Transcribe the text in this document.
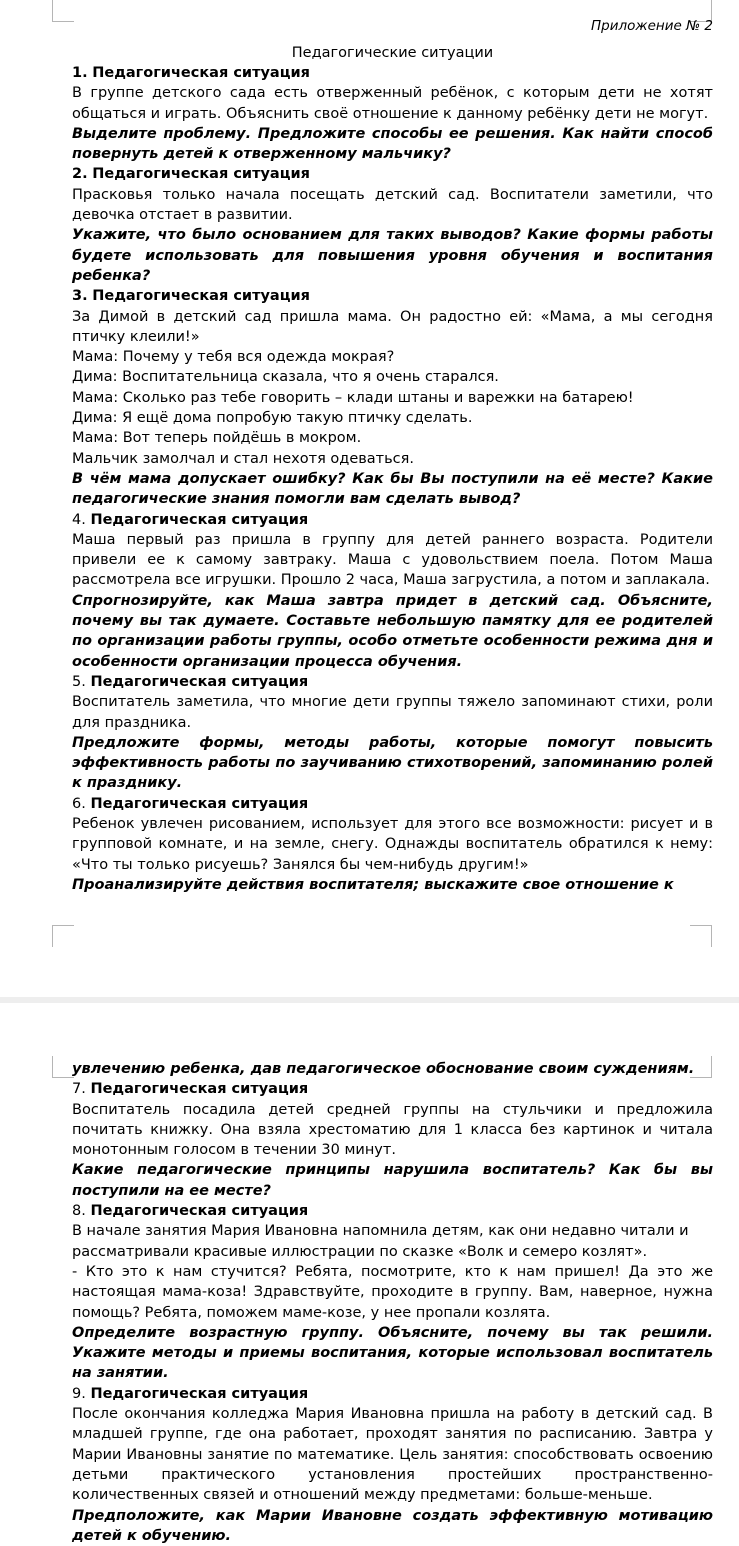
Приложение № 2

Педагогические ситуации

1. Педагогическая ситуация

В группе детского сада есть отверженный ребёнок, с которым дети не хотят общаться и играть. Объяснить своё отношение к данному ребёнку дети не могут.

Выделите проблему. Предложите способы ее решения. Как найти способ повернуть детей к отверженному мальчику?

2. Педагогическая ситуация

Прасковья только начала посещать детский сад. Воспитатели заметили, что девочка отстает в развитии.

Укажите, что было основанием для таких выводов? Какие формы работы будете использовать для повышения уровня обучения и воспитания ребенка?

3. Педагогическая ситуация

За Димой в детский сад пришла мама. Он радостно ей: «Мама, а мы сегодня птичку клеили!»

Мама: Почему у тебя вся одежда мокрая?

Дима: Воспитательница сказала, что я очень старался.

Мама: Сколько раз тебе говорить – клади штаны и варежки на батарею!

Дима: Я ещё дома попробую такую птичку сделать.

Мама: Вот теперь пойдёшь в мокром.

Мальчик замолчал и стал нехотя одеваться.

В чём мама допускает ошибку? Как бы Вы поступили на её месте? Какие педагогические знания помогли вам сделать вывод?

4. Педагогическая ситуация

Маша первый раз пришла в группу для детей раннего возраста. Родители привели ее к самому завтраку. Маша с удовольствием поела. Потом Маша рассмотрела все игрушки. Прошло 2 часа, Маша загрустила, а потом и заплакала.

Спрогнозируйте, как Маша завтра придет в детский сад. Объясните, почему вы так думаете. Составьте небольшую памятку для ее родителей по организации работы группы, особо отметьте особенности режима дня и особенности организации процесса обучения.

5. Педагогическая ситуация

Воспитатель заметила, что многие дети группы тяжело запоминают стихи, роли для праздника.

Предложите формы, методы работы, которые помогут повысить эффективность работы по заучиванию стихотворений, запоминанию ролей к празднику.

6. Педагогическая ситуация

Ребенок увлечен рисованием, использует для этого все возможности: рисует и в групповой комнате, и на земле, снегу. Однажды воспитатель обратился к нему: «Что ты только рисуешь? Занялся бы чем-нибудь другим!»

Проанализируйте действия воспитателя; выскажите свое отношение к

увлечению ребенка, дав педагогическое обоснование своим суждениям.

7. Педагогическая ситуация

Воспитатель посадила детей средней группы на стульчики и предложила почитать книжку. Она взяла хрестоматию для 1 класса без картинок и читала монотонным голосом в течении 30 минут.

Какие педагогические принципы нарушила воспитатель? Как бы вы поступили на ее месте?

8. Педагогическая ситуация

В начале занятия Мария Ивановна напомнила детям, как они недавно читали и рассматривали красивые иллюстрации по сказке «Волк и семеро козлят».

- Кто это к нам стучится? Ребята, посмотрите, кто к нам пришел! Да это же настоящая мама-коза! Здравствуйте, проходите в группу. Вам, наверное, нужна помощь? Ребята, поможем маме-козе, у нее пропали козлята.

Определите возрастную группу. Объясните, почему вы так решили. Укажите методы и приемы воспитания, которые использовал воспитатель на занятии.

9. Педагогическая ситуация

После окончания колледжа Мария Ивановна пришла на работу в детский сад. В младшей группе, где она работает, проходят занятия по расписанию. Завтра у Марии Ивановны занятие по математике. Цель занятия: способствовать освоению детьми практического установления простейших пространственно-количественных связей и отношений между предметами: больше-меньше.

Предположите, как Марии Ивановне создать эффективную мотивацию детей к обучению.
